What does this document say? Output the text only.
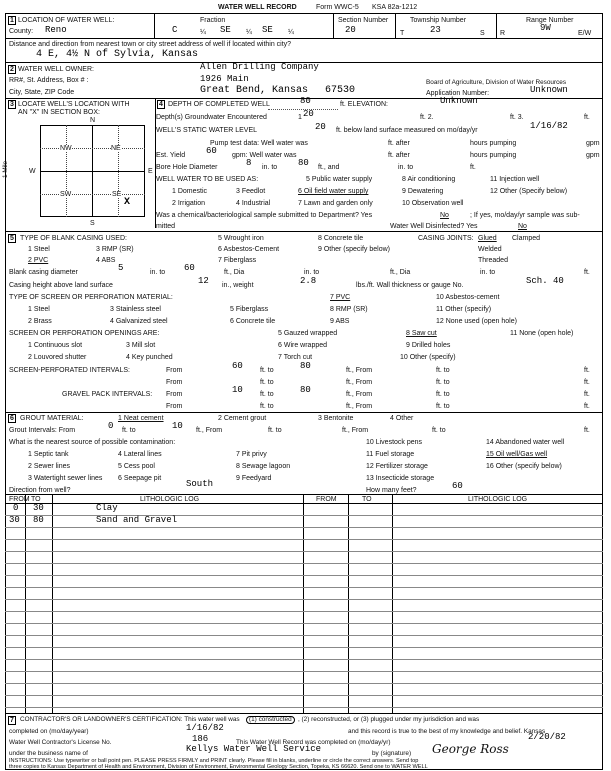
WATER WELL RECORD	Form WWC-5 KSA 82a-1212
1 LOCATION OF WATER WELL:
County: Reno
Fraction
C	¼ SE ¼ SE ¼
Section Number
20
Township Number
T	23	S
Range Number
R
9W
E/W
Distance and direction from nearest town or city street address of well if located within city?
4 E, 4½ N of Sylvia, Kansas
2 WATER WELL OWNER:	Allen Drilling Company
RR#, St. Address, Box # :	1926 Main
City, State, ZIP Code	Great Bend, Kansas 67530
Board of Agriculture, Division of Water Resources
Application Number:	Unknown
3 LOCATE WELL'S LOCATION WITH
AN "X" IN SECTION BOX:
N
NW	NE
SW	SE
X
W	E
S
1 Mile
4 DEPTH OF COMPLETED WELL	80	ft. ELEVATION:	Unknown
Depth(s) Groundwater Encountered	1 20	ft. 2.	ft. 3.	ft.
WELL'S STATIC WATER LEVEL	20 ft. below land surface measured on mo/day/yr	1/16/82
Pump test data: Well water was	ft. after	hours pumping	gpm
Est. Yield 60 gpm: Well water was	ft. after	hours pumping	gpm
Bore Hole Diameter	8 in. to 80 ft., and	in. to	ft.
WELL WATER TO BE USED AS:	5 Public water supply	8 Air conditioning	11 Injection well
1 Domestic	3 Feedlot	6 Oil field water supply	9 Dewatering	12 Other (Specify below)
2 Irrigation	4 Industrial	7 Lawn and garden only	10 Observation well
Was a chemical/bacteriological sample submitted to Department? Yes	No	; If yes, mo/day/yr sample was sub-
mitted	Water Well Disinfected? Yes	No
5 TYPE OF BLANK CASING USED:	5 Wrought iron	8 Concrete tile	CASING JOINTS: Glued Clamped
1 Steel	3 RMP (SR)	6 Asbestos-Cement	9 Other (specify below)	Welded
2 PVC	4 ABS	7 Fiberglass	Threaded
Blank casing diameter	5	in. to 60	ft., Dia	in. to	ft., Dia	in. to	ft.
Casing height above land surface	12 in., weight	2.8	lbs./ft. Wall thickness or gauge No.	Sch. 40
TYPE OF SCREEN OR PERFORATION MATERIAL:	7 PVC	10 Asbestos-cement
1 Steel	3 Stainless steel	5 Fiberglass	8 RMP (SR)	11 Other (specify)
2 Brass	4 Galvanized steel	6 Concrete tile	9 ABS	12 None used (open hole)
SCREEN OR PERFORATION OPENINGS ARE:	5 Gauzed wrapped	8 Saw cut	11 None (open hole)
1 Continuous slot	3 Mill slot	6 Wire wrapped	9 Drilled holes
2 Louvored shutter	4 Key punched	7 Torch cut	10 Other (specify)
SCREEN-PERFORATED INTERVALS:	From	60 ft. to	80	ft., From	ft. to	ft.
From	ft. to	ft., From	ft. to	ft.
GRAVEL PACK INTERVALS: From	10 ft. to	80	ft., From	ft. to	ft.
From	ft. to	ft., From	ft. to	ft.
6 GROUT MATERIAL:	1 Neat cement	2 Cement grout	3 Bentonite	4 Other
Grout Intervals: From	0 ft. to	10 ft., From	ft. to	ft., From	ft. to	ft.
What is the nearest source of possible contamination:	10 Livestock pens	14 Abandoned water well
1 Septic tank	4 Lateral lines	7 Pit privy	11 Fuel storage	15 Oil well/Gas well
2 Sewer lines	5 Cess pool	8 Sewage lagoon	12 Fertilizer storage	16 Other (specify below)
3 Watertight sewer lines 6 Seepage pit	9 Feedyard	13 Insecticide storage
Direction from well?
South
How many feet?	60
FROM TO	LITHOLOGIC LOG	FROM	TO	LITHOLOGIC LOG
0 30	Clay
30 80	Sand and Gravel
7 CONTRACTOR'S OR LANDOWNER'S CERTIFICATION: This water well was	(1) constructed , (2) reconstructed, or (3) plugged under my jurisdiction and was
completed on (mo/day/year)	1/16/82	and this record is true to the best of my knowledge and belief. Kansas
Water Well Contractor's License No.	186	This Water Well Record was completed on (mo/day/yr)
2/20/82
under the business name of	Kellys Water Well Service	by (signature) George Ross
INSTRUCTIONS: Use typewriter or ball point pen. PLEASE PRESS FIRMLY and PRINT clearly. Please fill in blanks, underline or circle the correct answers. Send top
three copies to Kansas Department of Health and Environment, Division of Environment, Environmental Geology Section, Topeka, KS 66620. Send one to WATER WELL
